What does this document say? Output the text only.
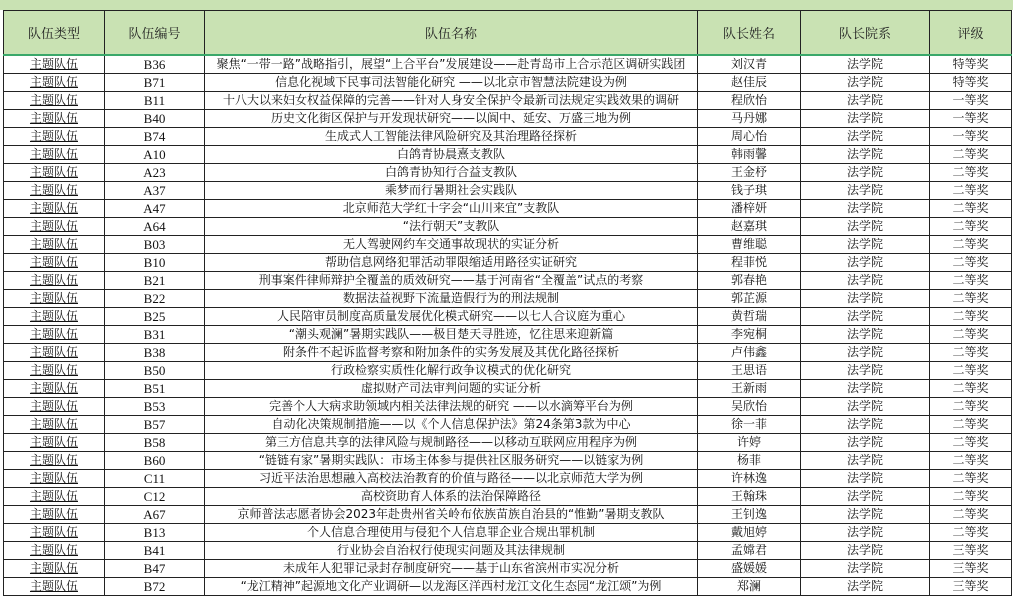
队伍类型	队伍编号	队伍名称	队长姓名	队长院系	评级
主题队伍	B36	聚焦“一带一路”战略指引，展望“上合平台”发展建设——赴青岛市上合示范区调研实践团	刘汉青	法学院	特等奖
主题队伍	B71	信息化视域下民事司法智能化研究 ——以北京市智慧法院建设为例	赵佳辰	法学院	特等奖
主题队伍	B11	十八大以来妇女权益保障的完善——针对人身安全保护令最新司法规定实践效果的调研	程欣怡	法学院	一等奖
主题队伍	B40	历史文化街区保护与开发现状研究——以阆中、延安、万盛三地为例	马丹娜	法学院	一等奖
主题队伍	B74	生成式人工智能法律风险研究及其治理路径探析	周心怡	法学院	一等奖
主题队伍	A10	白鸽青协晨熹支教队	韩雨馨	法学院	二等奖
主题队伍	A23	白鸽青协知行合益支教队	王金杼	法学院	二等奖
主题队伍	A37	乘梦而行暑期社会实践队	钱子琪	法学院	二等奖
主题队伍	A47	北京师范大学红十字会“山川来宜”支教队	潘梓妍	法学院	二等奖
主题队伍	A64	“法行朝天”支教队	赵嘉琪	法学院	二等奖
主题队伍	B03	无人驾驶网约车交通事故现状的实证分析	曹维聪	法学院	二等奖
主题队伍	B10	帮助信息网络犯罪活动罪限缩适用路径实证研究	程菲悦	法学院	二等奖
主题队伍	B21	刑事案件律师辩护全覆盖的质效研究——基于河南省“全覆盖”试点的考察	郭春艳	法学院	二等奖
主题队伍	B22	数据法益视野下流量造假行为的刑法规制	郭芷源	法学院	二等奖
主题队伍	B25	人民陪审员制度高质量发展优化模式研究——以七人合议庭为重心	黄哲瑞	法学院	二等奖
主题队伍	B31	“潮头观澜”暑期实践队——极目楚天寻胜迹，忆往思来迎新篇	李宛桐	法学院	二等奖
主题队伍	B38	附条件不起诉监督考察和附加条件的实务发展及其优化路径探析	卢伟鑫	法学院	二等奖
主题队伍	B50	行政检察实质性化解行政争议模式的优化研究	王思语	法学院	二等奖
主题队伍	B51	虚拟财产司法审判问题的实证分析	王新雨	法学院	二等奖
主题队伍	B53	完善个人大病求助领域内相关法律法规的研究 ——以水滴筹平台为例	吴欣怡	法学院	二等奖
主题队伍	B57	自动化决策规制措施——以《个人信息保护法》第24条第3款为中心	徐一菲	法学院	二等奖
主题队伍	B58	第三方信息共享的法律风险与规制路径——以移动互联网应用程序为例	许婷	法学院	二等奖
主题队伍	B60	“链链有家”暑期实践队：市场主体参与提供社区服务研究——以链家为例	杨菲	法学院	二等奖
主题队伍	C11	习近平法治思想融入高校法治教育的价值与路径——以北京师范大学为例	许林逸	法学院	二等奖
主题队伍	C12	高校资助育人体系的法治保障路径	王翰珠	法学院	二等奖
主题队伍	A67	京师普法志愿者协会2023年赴贵州省关岭布依族苗族自治县的“惟勤”暑期支教队	王钊逸	法学院	二等奖
主题队伍	B13	个人信息合理使用与侵犯个人信息罪企业合规出罪机制	戴旭婷	法学院	二等奖
主题队伍	B41	行业协会自治权行使现实问题及其法律规制	孟嫦君	法学院	三等奖
主题队伍	B47	未成年人犯罪记录封存制度研究——基于山东省滨州市实况分析	盛媛媛	法学院	三等奖
主题队伍	B72	“龙江精神”起源地文化产业调研—以龙海区洋西村龙江文化生态园“龙江颂”为例	郑澜	法学院	三等奖
